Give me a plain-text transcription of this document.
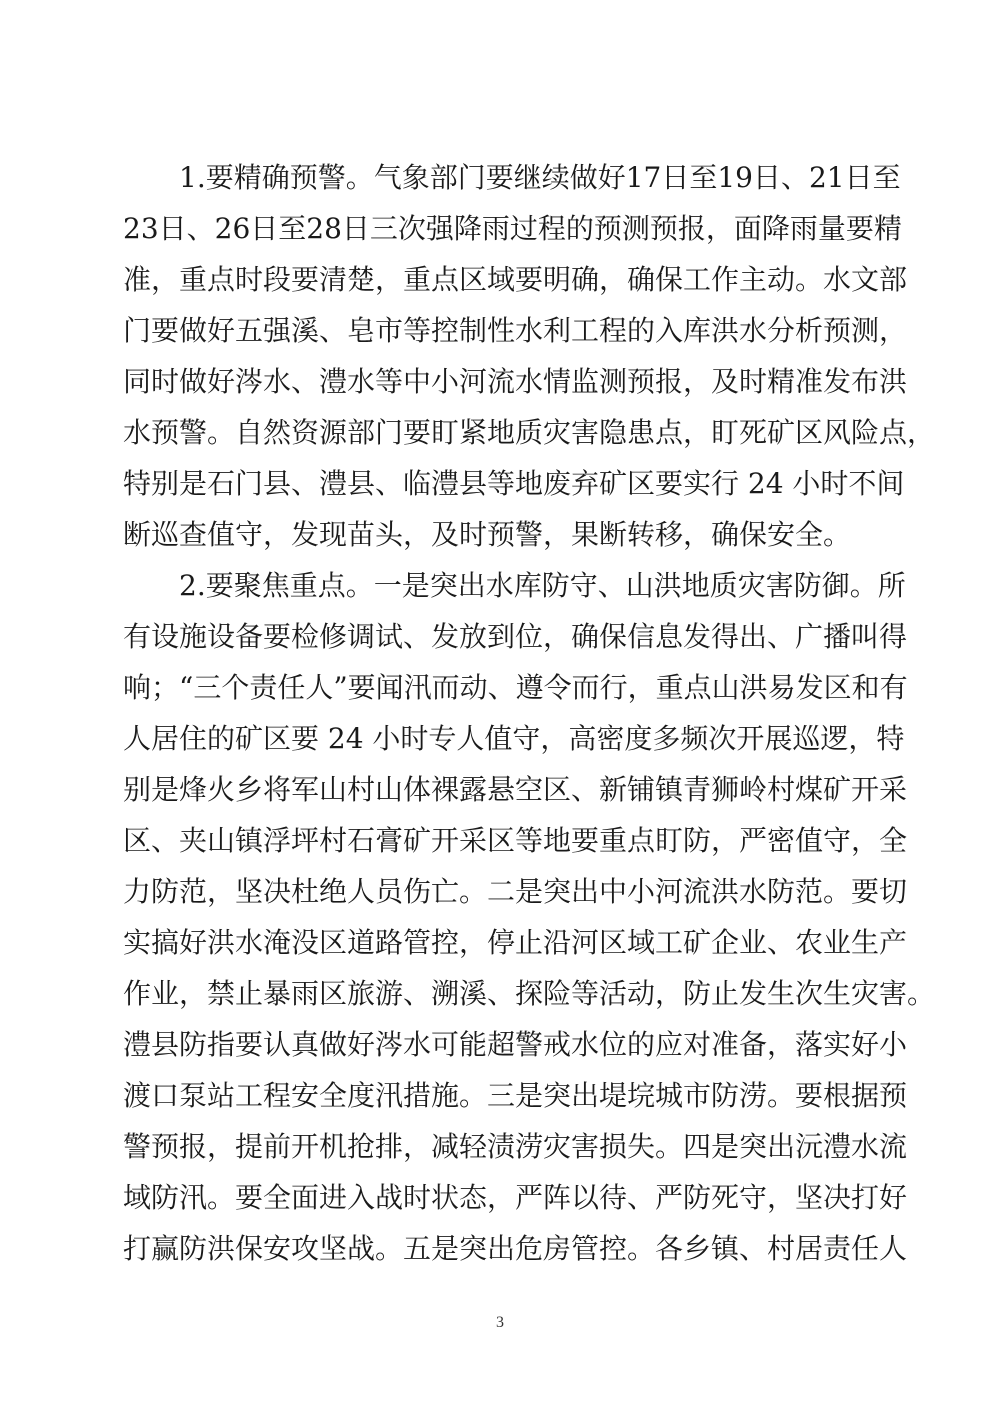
1.要精确预警。气象部门要继续做好17日至19日、21日至
23日、26日至28日三次强降雨过程的预测预报，面降雨量要精
准，重点时段要清楚，重点区域要明确，确保工作主动。水文部
门要做好五强溪、皂市等控制性水利工程的入库洪水分析预测，
同时做好涔水、澧水等中小河流水情监测预报，及时精准发布洪
水预警。自然资源部门要盯紧地质灾害隐患点，盯死矿区风险点，
特别是石门县、澧县、临澧县等地废弃矿区要实行 24 小时不间
断巡查值守，发现苗头，及时预警，果断转移，确保安全。
2.要聚焦重点。一是突出水库防守、山洪地质灾害防御。所
有设施设备要检修调试、发放到位，确保信息发得出、广播叫得
响；“三个责任人”要闻汛而动、遵令而行，重点山洪易发区和有
人居住的矿区要 24 小时专人值守，高密度多频次开展巡逻，特
别是烽火乡将军山村山体裸露悬空区、新铺镇青狮岭村煤矿开采
区、夹山镇浮坪村石膏矿开采区等地要重点盯防，严密值守，全
力防范，坚决杜绝人员伤亡。二是突出中小河流洪水防范。要切
实搞好洪水淹没区道路管控，停止沿河区域工矿企业、农业生产
作业，禁止暴雨区旅游、溯溪、探险等活动，防止发生次生灾害。
澧县防指要认真做好涔水可能超警戒水位的应对准备，落实好小
渡口泵站工程安全度汛措施。三是突出堤垸城市防涝。要根据预
警预报，提前开机抢排，减轻渍涝灾害损失。四是突出沅澧水流
域防汛。要全面进入战时状态，严阵以待、严防死守，坚决打好
打赢防洪保安攻坚战。五是突出危房管控。各乡镇、村居责任人
3
